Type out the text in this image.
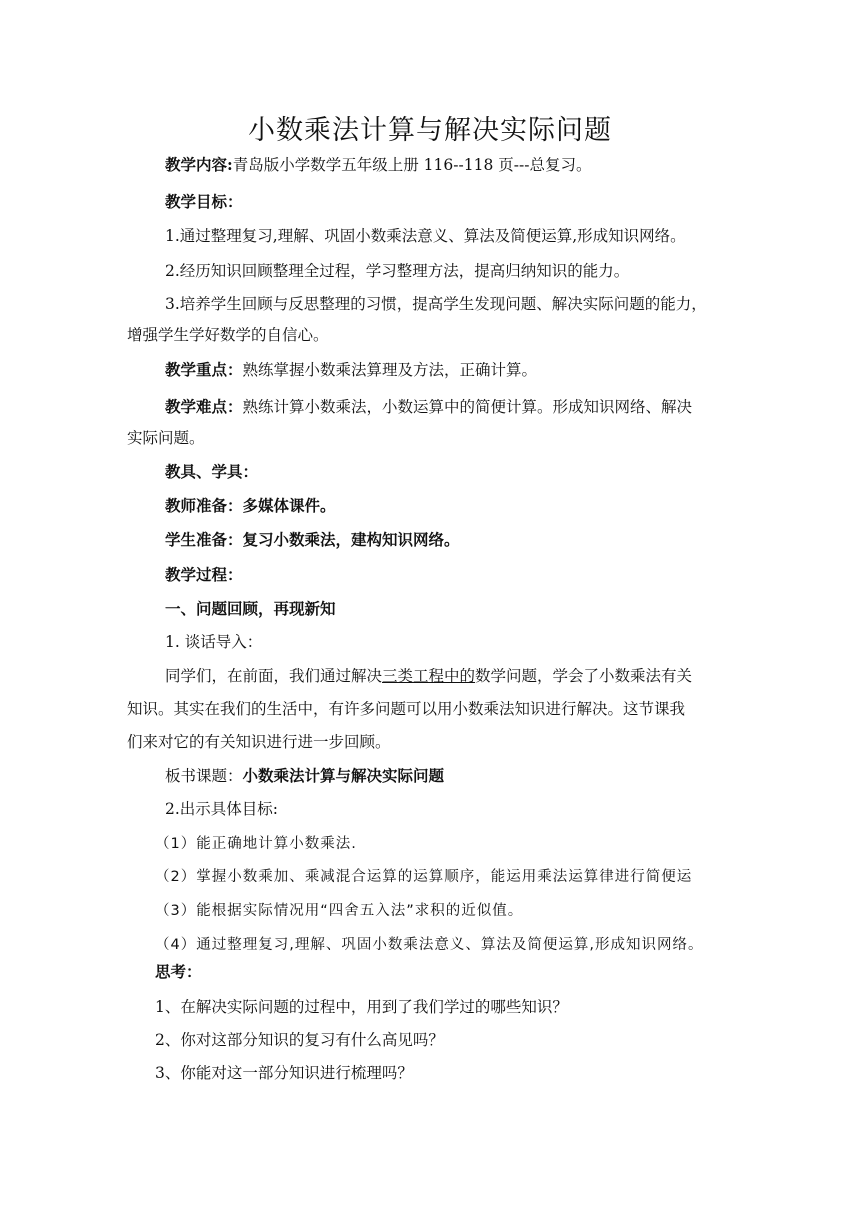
小数乘法计算与解决实际问题
教学内容:青岛版小学数学五年级上册 116--118 页---总复习。
教学目标：
1.通过整理复习,理解、巩固小数乘法意义、算法及简便运算,形成知识网络。
2.经历知识回顾整理全过程，学习整理方法，提高归纳知识的能力。
3.培养学生回顾与反思整理的习惯，提高学生发现问题、解决实际问题的能力，
增强学生学好数学的自信心。
教学重点：熟练掌握小数乘法算理及方法，正确计算。
教学难点：熟练计算小数乘法，小数运算中的简便计算。形成知识网络、解决
实际问题。
教具、学具：
教师准备：多媒体课件。
学生准备：复习小数乘法，建构知识网络。
教学过程：
一、问题回顾，再现新知
1. 谈话导入：
同学们，在前面，我们通过解决三类工程中的数学问题，学会了小数乘法有关
知识。其实在我们的生活中，有许多问题可以用小数乘法知识进行解决。这节课我
们来对它的有关知识进行进一步回顾。
板书课题：小数乘法计算与解决实际问题
2.出示具体目标:
（1）能正确地计算小数乘法.
（2）掌握小数乘加、乘减混合运算的运算顺序，能运用乘法运算律进行简便运
（3）能根据实际情况用“四舍五入法”求积的近似值。
（4）通过整理复习,理解、巩固小数乘法意义、算法及简便运算,形成知识网络。
思考：
1、在解决实际问题的过程中，用到了我们学过的哪些知识？
2、你对这部分知识的复习有什么高见吗？
3、你能对这一部分知识进行梳理吗？
